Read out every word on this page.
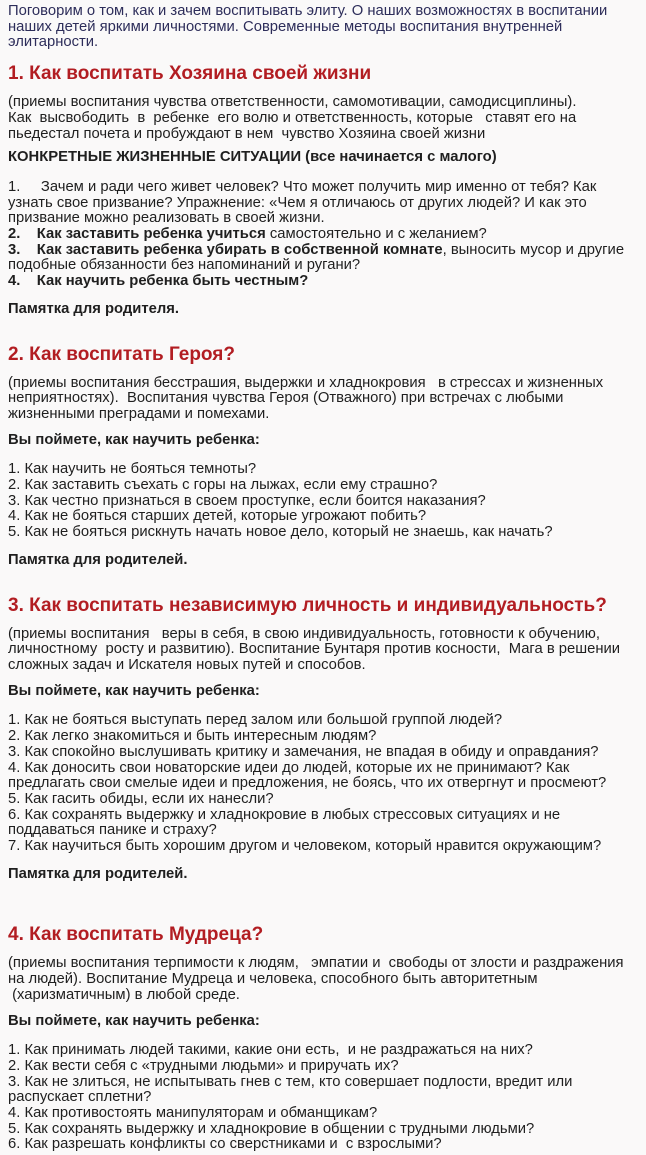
Поговорим о том, как и зачем воспитывать элиту. О наших возможностях в воспитании наших детей яркими личностями. Современные методы воспитания внутренней элитарности.

1. Как воспитать Хозяина своей жизни

(приемы воспитания чувства ответственности, самомотивации, самодисциплины).
Как  высвободить  в  ребенке  его волю и ответственность, которые   ставят его на пьедестал почета и пробуждают в нем  чувство Хозяина своей жизни

КОНКРЕТНЫЕ ЖИЗНЕННЫЕ СИТУАЦИИ (все начинается с малого)

1.     Зачем и ради чего живет человек? Что может получить мир именно от тебя? Как узнать свое призвание? Упражнение: «Чем я отличаюсь от других людей? И как это призвание можно реализовать в своей жизни.
2.    Как заставить ребенка учиться самостоятельно и с желанием?
3.    Как заставить ребенка убирать в собственной комнате, выносить мусор и другие подобные обязанности без напоминаний и ругани?
4.    Как научить ребенка быть честным?

Памятка для родителя.

2. Как воспитать Героя?

(приемы воспитания бесстрашия, выдержки и хладнокровия   в стрессах и жизненных неприятностях).  Воспитания чувства Героя (Отважного) при встречах с любыми жизненными преградами и помехами.

Вы поймете, как научить ребенка:

1. Как научить не бояться темноты?
2. Как заставить съехать с горы на лыжах, если ему страшно?
3. Как честно признаться в своем проступке, если боится наказания?
4. Как не бояться старших детей, которые угрожают побить?
5. Как не бояться рискнуть начать новое дело, который не знаешь, как начать?

Памятка для родителей.

3. Как воспитать независимую личность и индивидуальность?

(приемы воспитания   веры в себя, в свою индивидуальность, готовности к обучению, личностному  росту и развитию). Воспитание Бунтаря против косности,  Мага в решении сложных задач и Искателя новых путей и способов.

Вы поймете, как научить ребенка:

1. Как не бояться выступать перед залом или большой группой людей?
2. Как легко знакомиться и быть интересным людям?
3. Как спокойно выслушивать критику и замечания, не впадая в обиду и оправдания?
4. Как доносить свои новаторские идеи до людей, которые их не принимают? Как предлагать свои смелые идеи и предложения, не боясь, что их отвергнут и просмеют?
5. Как гасить обиды, если их нанесли?
6. Как сохранять выдержку и хладнокровие в любых стрессовых ситуациях и не поддаваться панике и страху?
7. Как научиться быть хорошим другом и человеком, который нравится окружающим?

Памятка для родителей.

4. Как воспитать Мудреца?

(приемы воспитания терпимости к людям,   эмпатии и  свободы от злости и раздражения на людей). Воспитание Мудреца и человека, способного быть авторитетным  (харизматичным) в любой среде.

Вы поймете, как научить ребенка:

1. Как принимать людей такими, какие они есть,  и не раздражаться на них?
2. Как вести себя с «трудными людьми» и приручать их?
3. Как не злиться, не испытывать гнев с тем, кто совершает подлости, вредит или распускает сплетни?
4. Как противостоять манипуляторам и обманщикам?
5. Как сохранять выдержку и хладнокровие в общении с трудными людьми?
6. Как разрешать конфликты со сверстниками и  с взрослыми?
